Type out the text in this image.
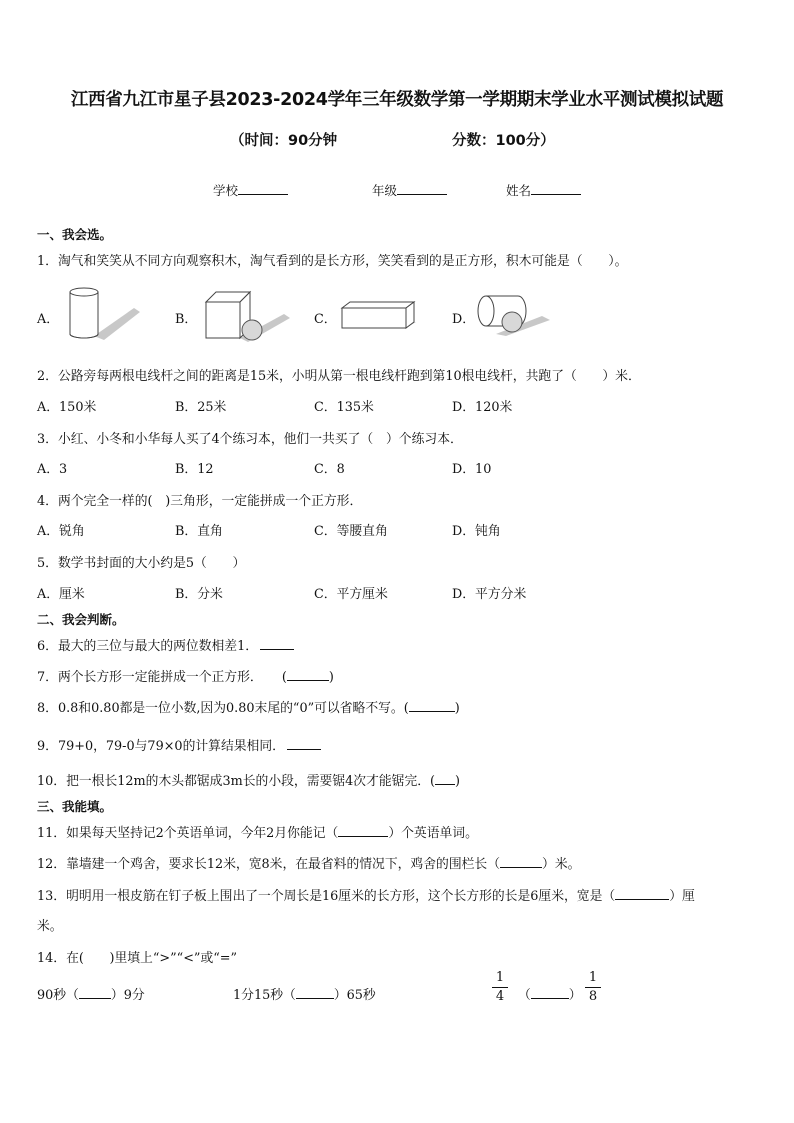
江西省九江市星子县2023-2024学年三年级数学第一学期期末学业水平测试模拟试题
（时间：90分钟	分数：100分）
学校	年级	姓名
一、我会选。
1．淘气和笑笑从不同方向观察积木，淘气看到的是长方形，笑笑看到的是正方形，积木可能是（　　）。
A．	B．	C．	D．
2．公路旁每两根电线杆之间的距离是15米，小明从第一根电线杆跑到第10根电线杆，共跑了（　　）米．
A．150米	B．25米	C．135米	D．120米
3．小红、小冬和小华每人买了4个练习本，他们一共买了（　）个练习本．
A．3	B．12	C．8	D．10
4．两个完全一样的(　)三角形，一定能拼成一个正方形．
A．锐角	B．直角	C．等腰直角	D．钝角
5．数学书封面的大小约是5（　　）
A．厘米	B．分米	C．平方厘米	D．平方分米
二、我会判断。
6．最大的三位与最大的两位数相差1．
7．两个长方形一定能拼成一个正方形．　　(	)
8．0.8和0.80都是一位小数,因为0.80末尾的“0”可以省略不写。(	)
9．79+0，79-0与79×0的计算结果相同．
10．把一根长12m的木头都锯成3m长的小段，需要锯4次才能锯完．( )
三、我能填。
11．如果每天坚持记2个英语单词，今年2月你能记（	）个英语单词。
12．靠墙建一个鸡舍，要求长12米，宽8米，在最省料的情况下，鸡舍的围栏长（	）米。
13．明明用一根皮筋在钉子板上围出了一个周长是16厘米的长方形，这个长方形的长是6厘米，宽是（	）厘
米。
14．在(　　)里填上“>”“<”或“=”
90秒（	）9分	1分15秒（	）65秒
1
4	（	）
1
8
